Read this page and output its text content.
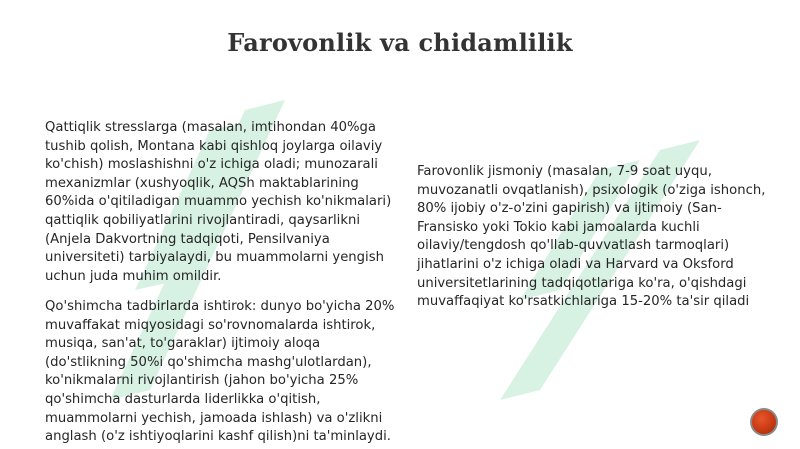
Farovonlik va chidamlilik
Qattiqlik stresslarga (masalan, imtihondan 40%ga tushib qolish, Montana kabi qishloq joylarga oilaviy ko'chish) moslashishni o'z ichiga oladi; munozarali mexanizmlar (xushyoqlik, AQSh maktablarining 60%ida o'qitiladigan muammo yechish ko'nikmalari) qattiqlik qobiliyatlarini rivojlantiradi, qaysarlikni (Anjela Dakvortning tadqiqoti, Pensilvaniya universiteti) tarbiyalaydi, bu muammolarni yengish uchun juda muhim omildir.
Qo'shimcha tadbirlarda ishtirok: dunyo bo'yicha 20% muvaffakat miqyosidagi so'rovnomalarda ishtirok, musiqa, san'at, to'garaklar) ijtimoiy aloqa (do'stlikning 50%i qo'shimcha mashg'ulotlardan), ko'nikmalarni rivojlantirish (jahon bo'yicha 25% qo'shimcha dasturlarda liderlikka o'qitish, muammolarni yechish, jamoada ishlash) va o'zlikni anglash (o'z ishtiyoqlarini kashf qilish)ni ta'minlaydi.
Farovonlik jismoniy (masalan, 7-9 soat uyqu, muvozanatli ovqatlanish), psixologik (o'ziga ishonch, 80% ijobiy o'z-o'zini gapirish) va ijtimoiy (San-Fransisko yoki Tokio kabi jamoalarda kuchli oilaviy/tengdosh qo'llab-quvvatlash tarmoqlari) jihatlarini o'z ichiga oladi va Harvard va Oksford universitetlarining tadqiqotlariga ko'ra, o'qishdagi muvaffaqiyat ko'rsatkichlariga 15-20% ta'sir qiladi
